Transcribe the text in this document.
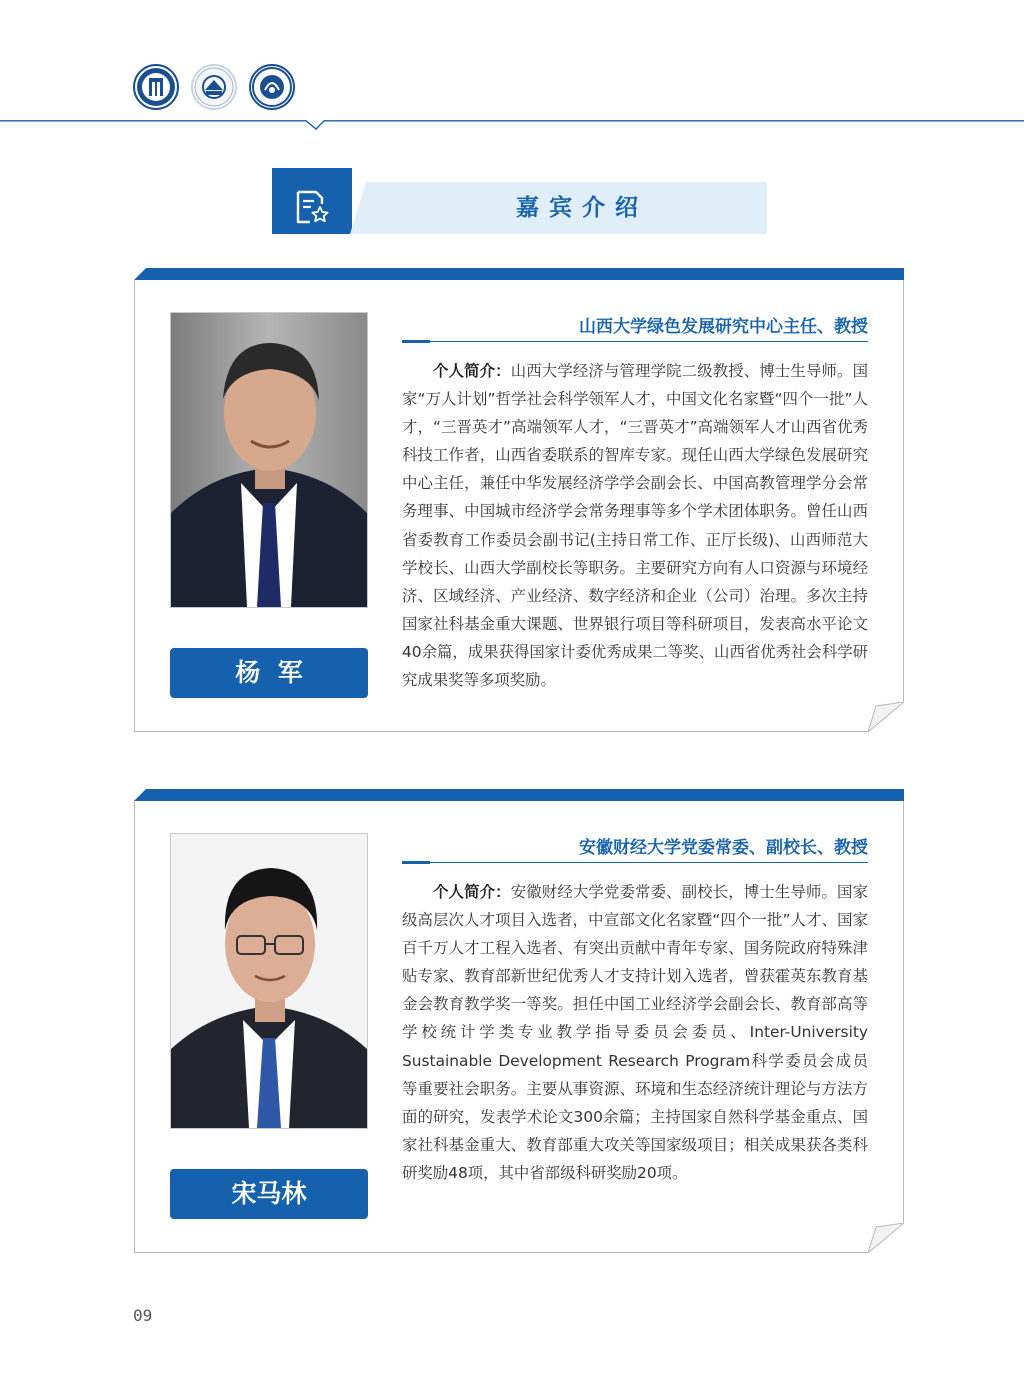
嘉宾介绍
杨  军
山西大学绿色发展研究中心主任、教授
个人简介：山西大学经济与管理学院二级教授、博士生导师。国家“万人计划”哲学社会科学领军人才，中国文化名家暨“四个一批”人才，“三晋英才”高端领军人才，“三晋英才”高端领军人才山西省优秀科技工作者，山西省委联系的智库专家。现任山西大学绿色发展研究中心主任，兼任中华发展经济学学会副会长、中国高教管理学分会常务理事、中国城市经济学会常务理事等多个学术团体职务。曾任山西省委教育工作委员会副书记(主持日常工作、正厅长级)、山西师范大学校长、山西大学副校长等职务。主要研究方向有人口资源与环境经济、区域经济、产业经济、数字经济和企业（公司）治理。多次主持国家社科基金重大课题、世界银行项目等科研项目，发表高水平论文40余篇，成果获得国家计委优秀成果二等奖、山西省优秀社会科学研究成果奖等多项奖励。
宋马林
安徽财经大学党委常委、副校长、教授
个人简介：安徽财经大学党委常委、副校长，博士生导师。国家级高层次人才项目入选者，中宣部文化名家暨“四个一批”人才、国家百千万人才工程入选者、有突出贡献中青年专家、国务院政府特殊津贴专家、教育部新世纪优秀人才支持计划入选者，曾获霍英东教育基金会教育教学奖一等奖。担任中国工业经济学会副会长、教育部高等学校统计学类专业教学指导委员会委员、Inter-University Sustainable Development Research Program科学委员会成员等重要社会职务。主要从事资源、环境和生态经济统计理论与方法方面的研究，发表学术论文300余篇；主持国家自然科学基金重点、国家社科基金重大、教育部重大攻关等国家级项目；相关成果获各类科研奖励48项，其中省部级科研奖励20项。
09
